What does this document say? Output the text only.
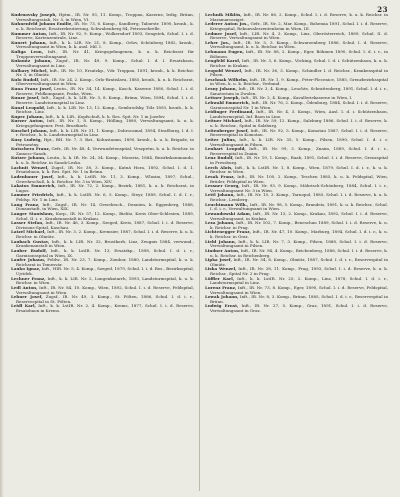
23

Kudrnovsky Joseph, Hptm., IR. Nr. 93, 11. Komp., Troppau, Kaserne, ledig, Brünn, Verwaltungsstab, Nr. 5, in Wien, VI.

Kuhnenfeld Johann Emilie, IR. Nr. 73, 6. Komp., Sandberg, Taborstr. 1890, kronb., k. u. k. Reichsrat, Ersatzrekrutierung, Schwabenberg 84, Petrossehrelle.

Kummer Anton, Inft., IR. Nr. 92, 9. Komp., Wolkersdorf 1893, Sengstek, Schul. I. i. d. Reserve, Kartenzentrale, Linz.

Kunert Johann, Inft., k. k. LIR. Nr. 21, 8. Komp., Orlov, Schönberg 1882, kronb., Verwaltungsamt in Wien, k. k. ausl. Mil. I.

Kuliga Leon, Inft., IR. Nr. 41, Kriegsgefangenen, k. u. k. Reichsrat für Truppenverwaltungsamt.

Kukuntz Johann, Zugsf., IR. Nr. 49, 9. Komp., Schul. I. d. I. Ersatzbaon, Verwaltungsamt in Linz.

Kulhavy Michel, Inft., IR. Nr. 10, Ersatzkp., Vdr. Troppau, 1891, kronb., k. k. Reichsr. Nr. 3, in Olmütz.

Kulo Rudolf, Inft., IR. Nr. 24, 2. Komp., Orlo-Bratislava, 1885, kronb., k. u. k. Reichsrat, Oberverwaltungsamt in Wien.

Kuna Franz Josef, Leutn., IR. Nr. 34, 14. Komp., Kasch, Kaserne 1880, Schul. I. i. d. Reserve, Feldkompanie, Praha, Wien.

Kunze Josef, Inft., Zugsf., k. k. LIR. Nr. 3, 8. Komp., Brünn, Wien, 1894, Schul. I. i. d. Reserve. Landsturmspital in Linz.

Kunzl Leopold, Inft., k. k. LIR. Nr. 13, 12. Komp., Sembrodsky, Tölz 1893, kronb., k. k. Reichsr., Linz.

Kupec Johann, Inft., k. k. LIR., Kopfschuß, k. k. Res. Spit. Nr. 1 in Jozefov.

Kurzer Anton, Inft., IR. Nr. 1, 8. Komp., Hülling, 1880, Verwaltungsamt, k. u. k. Kriegsgefangener, Pest, Brustkorb.

Kuschel Johann, Inft., k. k. LIR. Nr. 31, 1. Komp., Dobrocamal, 1894, Straßburg, I. d. I. r. Reichsr., k. k. Landsturmspital in Linz.

Kusy Ludwig, Hpt., BH. Nr. 7, 3. Bat., Kohnstamm, 1890, kronb., k. u. k. Brigade, in Petrozsény.

Kutschera Franz, Gefr., IR. Nr. 48, 4. Verwundetenspital, Veszprém, k. u. k. Reichsr. in Zamosc-Sanok.

Kutzer Johann, Leutn., k. k. IR. Nr. 24, 34. Komp., Moravia, 1884, Bezirkskommando, k. u. k. Reichsr. in Sanok-Lesko.

Lachnit Wenzel, Zugsf., IR. Nr. 38, 3. Komp., Kutná Hora, 1892, Schul. I. d. 1. Ersatzbaon, k. k. Res. Spit. Nr. 1 in Brünn.

Ladenbauer Josef, Inft., k. k. LstIR. Nr. 11, 3. Komp., Wlasim, 1897, Schul., Gewehrschuß, k. k. Reichsr. Nr. 3 in Wien, XIV.

Lakatos Emmerich, Inft., IR. Nr. 72, 2. Komp., Bezirk, 1881, k. u. k. Reichsrat, in Lugos.

Lammer Friedrich, Inft., k. k. LstIR. Nr. 6, 5. Komp., Steyr, 1889, Schul. I. d. I. r., Feldsp. Nr. 1 in Linz.

Lang Franz, Inft., Zugsf., IR. Nr. 14, Gewehrsch., Dennien, k. Eggenberg, 1888, Donaustadt, in Wien, XIX.

Langer Stanislaus, Korp., IR. Nr. 57, 12. Komp., Bielitz, Kreis Ober-Schlesien, 1889, Schul. II. i. r., Krankenanstalt in Krakau.

Lasser Stefan, Inft., IR. Nr. 46, 3. Komp., Szeged, Kreis, 1887, Schul. I. i. d. Reserve, Divisions-Spital, Kaschau.

Latzel Michael, Inft., IR. Nr. 3, 2. Komp., Kremsier, 1887, Schul. I. i. d. Reserve, k. u. k. Reichsr. in Olmütz.

Laubach Gustav, Inft., k. k. LIR. Nr. 32, Brustkorb, Linz, Zeugnis 1884, verwund., Krankenanstalt in Wien.

Lauber Rudolf, Inft., k. k. LstIR. Nr. 13, Ersatzkp., 1898, Schul. I. d. i. r., Garnisonsspital in Wien, IX.

Laufer Johann, Feldw., IR. Nr. 23, 7. Komp., Zombor, 1880, Landsturmspital, k. u. k. Reichsrat in Temesvár.

Lauko Ignaz, Inft., HIR. Nr. 5, 4. Komp., Szeged, 1879, Schul. I. i. d. Res., Bezirksspital, Ujvidek.

Lechner Franz, Inft., k. k. LIR. Nr. 2, Lungenkatarrh, 1893, Landsturmspital, k. u. k. Reichsr. in Wien.

Ledl Anton, Inft., IR. Nr. 84, 10. Komp., Wien, 1892, Schul. I. i. d. Reserve, Feldspital, Verwaltungsamt in Wien.

Lehner Josef, Zugsf., IR. Nr. 49, 3. Komp., St. Pölten, 1886, Schul. I. d. i. r., Reservespital in St. Pölten.

Leidl Karl, Inft., k. k. LstIR. Nr. 2, 4. Komp., Krems, 1877, Schul. I. i. d. Reserve, Ersatzbaon in Krems.

Lechnik Miklós, Inft., IR. Nr. 86, 2. Komp., Schul. I. i. d. Reserve, k. u. k. Reichsr. in Maramarosziget.

Lederer Anton Jos., Gefr., IR. Nr. 2, Mar. Komp., Bohemia 1891, Schul. I. i. d. Reserve, Kriegsspital, Rekonvaleszentenheim in Wien, III.

Ledmer Josef, Inft., LIR. Nr. 4, 3. Komp., Linz, Oberösterreich, 1889, Schul. II. d. Reserve, Verwaltungsamt in Wien.

Leher Jos., Inft., IR. Nr. 5, 3. Komp., Schwarzenberg 1886, Schul. I. d. Reserve, Verwaltungsamt, k. u. k. Reichsr. in Wien.

Lehmann Eugen, Inft., IR. Nr. 88, 2. Komp., Eger, Böhmen 1890, Schul. I. d. i. r., in Böhmen.

Lengfeld Karol, Inft., IR. Nr. 3, 6. Komp., Vöcking, Schul. I. d. i. Schützenbaon, k. u. k. Reichsr. in Krakau.

Leopold Wenzel, Inft., IR. Nr. 36, 3. Komp., Schindler I. d. Reichsr., Krankenspital in Pilsen.

Leschnak Wilhelm, Inft., IR. Nr. 1, 9. Komp., Peter-Plecenice, 1885, Grenzbezirksspital in Wien, k. u. k. Reichsr., Verband.

Lesny Johann, Inft., IR. Nr. 3, 4. Komp., Leuchte, Schrattenberg, 1891, Schul. I. d. i. r., Sanatorium in Zwolen.

Lettner Joseph, Inft., IR. Nr. 2, 4. Komp., Kavalleriekaserne in Wien, I.

Lehwald Emmerich, Inft., IR. Nr. 76, 2. Komp., Ödenburg, 1884, Schul. I. i. d. Reserve, Garnisonsspital Nr. 1 in Wien.

Leidinger Ferdinand, Inft., IR. Nr. 4, 3. Komp., Wien, Ausl. I. d. i. Schützenbaon, Landsturmspital, Inf. Baon in Linz.

Leitner Michael, Inft., IR. Nr. 59, 12. Komp., Salzburg 1886, Schul. I. i. d. Reserve, k. u. k. Reichsr., Spital in Salzburg.

Leitenberger Josef, Inft., IR. Nr. 92, 5. Komp., Komotau 1887, Schul. I. i. d. Reserve, Reservespital in Komotau.

Leiter Julius, Inft., k. k. LIR. Nr. 35, 5. Komp., Pilsen, 1890, Schul. I. d. i. r. Verwaltungsamt in Pilsen.

Lenhart Leopold, Inft., IR. Nr. 99, 3. Komp., Znaim, 1889, Schul. I. d. i. r., Reservespital in Znaim.

Lenz Rudolf, Inft., IR. Nr. 19, 1. Komp., Raab, 1891, Schul. I. i. d. Reserve, Grenzspital in Pressburg.

Lerch Alois, Inft., k. k. LstIR. Nr. 1, 8. Komp., Wien, 1879, Schul. I. d. i. r., k. u. k. Reichsr. in Wien.

Lesak Franz, Inft., IR. Nr. 100, 2. Komp., Teschen 1885, k. u. k. Feldspital, Wien, Brüder, Feldspital in Wien.

Lessner Georg, Inft., IR. Nr. 93, 9. Komp., Mährisch-Schönberg, 1884, Schul. I. i. r., Verwaltungsamt Nr. 3 in Wien.

Lettl Johann, Inft., IR. Nr. 15, 3. Komp., Tarnopol, 1885, Schul. I. i. d. Reserve, k. u. k. Reichsr., Lemberg.

Leuchtmann Wilh., Inft., IR. Nr. 98, 5. Komp., Brandeis, 1891, k. u. k. Reichsr., Schul. I. d. i. r., Verwaltungsamt in Wien.

Lewandowski Adam, Inft., IR. Nr. 13, 2. Komp., Krakau, 1892, Schul. I. i. d. Reserve, Verwaltungsamt, in Krakau.

Lexa Johann, Inft., IR. Nr. 102, 7. Komp., Beneschau 1889, Schul. I. i. d. Reserve, k. u. k. Reichsr. in Prag.

Lichtenegger Franz, Inft., IR. Nr. 47, 10. Komp., Marburg, 1894, Schul. I. d. i. r., k. u. k. Reichsr. in Graz.

Liebl Johann, Inft., k. k. LIR. Nr. 7, 3. Komp., Pilsen, 1888, Schul. I. i. d. Reserve, Verwaltungsamt in Pilsen.

Lindner Anton, Inft., IR. Nr. 94, 4. Komp., Reichenberg, 1886, Schul. I. i. d. Reserve, k. u. k. Reichsr. in Reichenberg.

Lipka Josef, Inft., IR. Nr. 54, 6. Komp., Olmütz, 1887, Schul. I. d. i. r., Reservespital in Olmütz.

Liska Wenzel, Inft., IR. Nr. 28, 11. Komp., Prag, 1893, Schul. I. i. d. Reserve, k. u. k. Reichsr., Spital Nr. 2 in Prag.

Löffler Karl, Inft., k. k. LstIR. Nr. 25, 2. Komp., Linz, 1878, Schul. I. d. i. r., Landsturmspital in Linz.

Lorenz Franz, Inft., IR. Nr. 73, 8. Komp., Eger, 1890, Schul. I. i. d. Reserve, Feldspital, Verwaltungsamt in Wien.

Lowak Johann, Inft., IR. Nr. 8, 3. Komp., Brünn, 1885, Schul. I. d. i. r., Reservespital in Brünn.

Ludwig Ernst, Inft., IR. Nr. 27, 5. Komp., Graz, 1891, Schul. I. i. d. Reserve, Verwaltungsamt in Graz.
